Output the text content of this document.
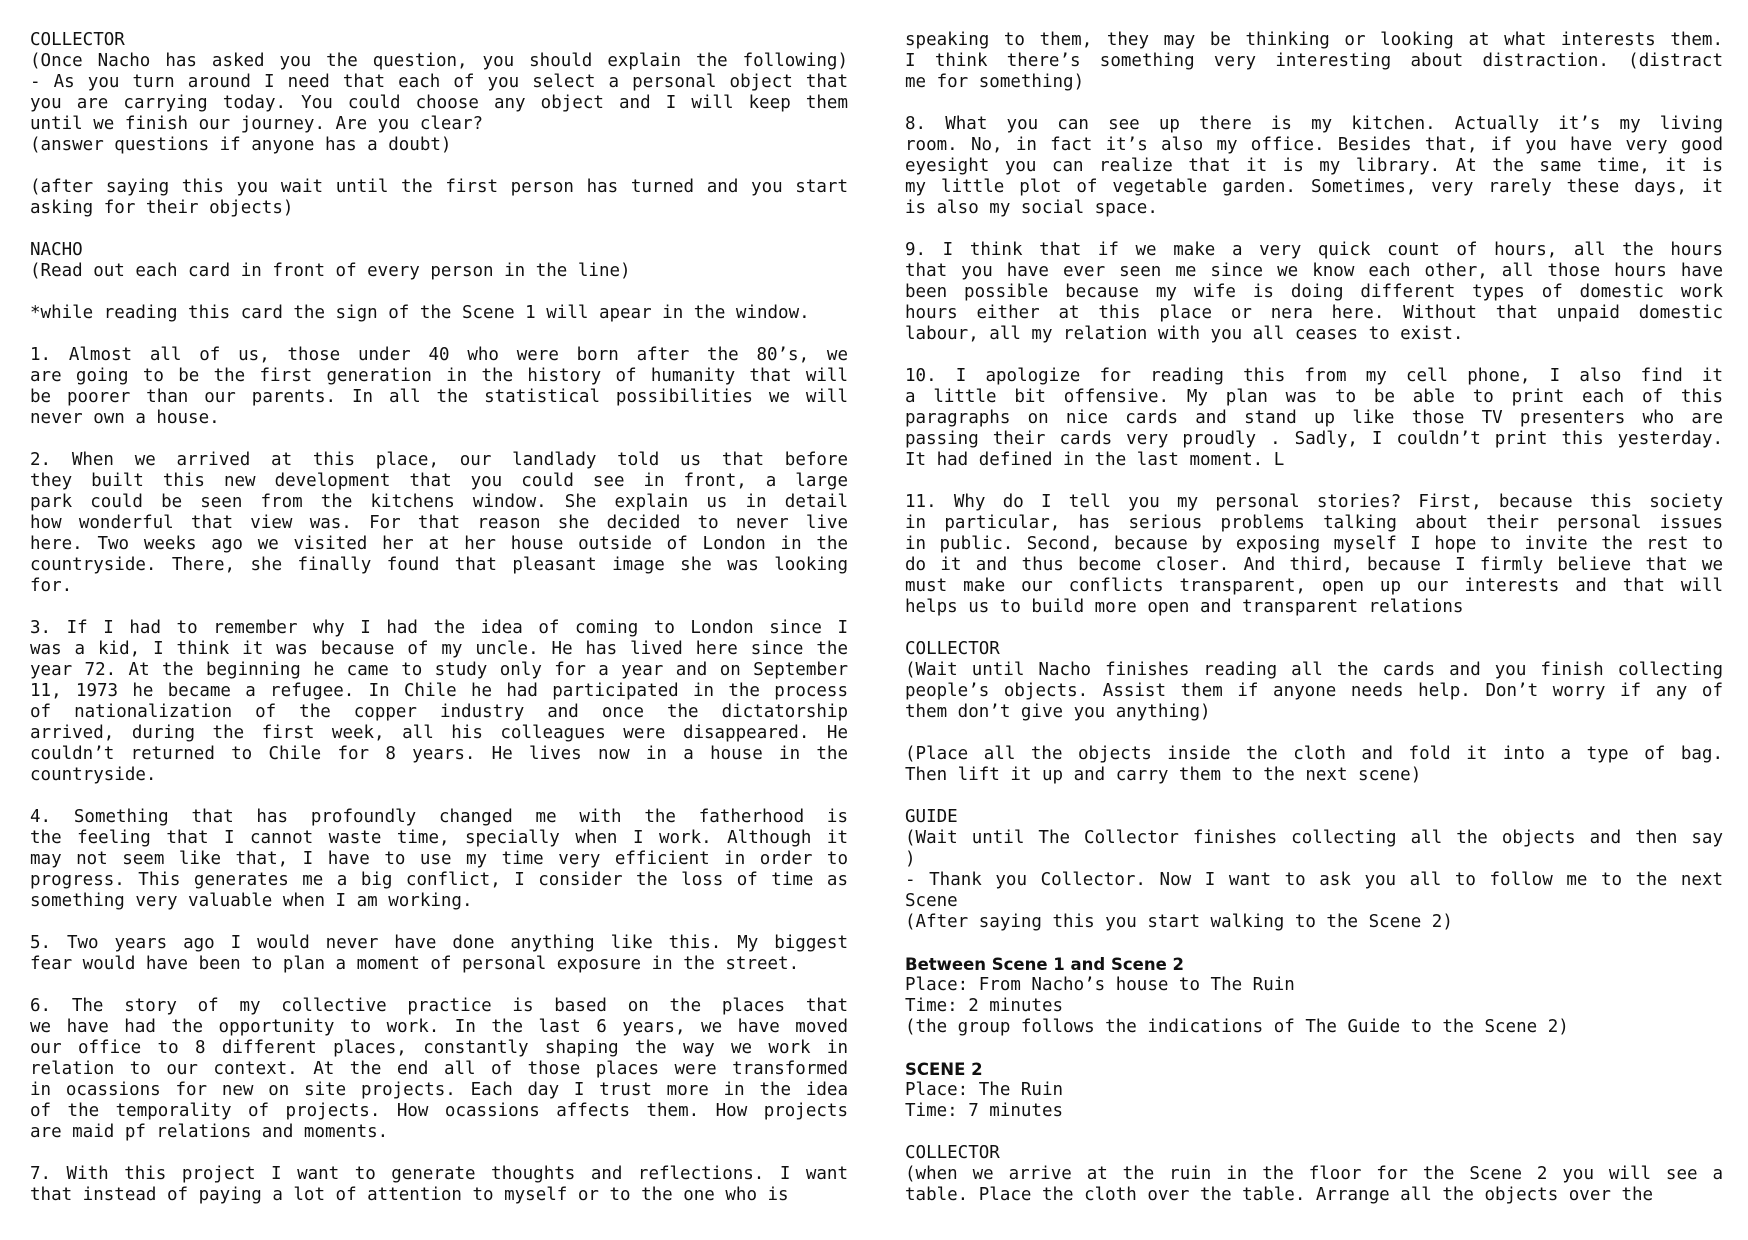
COLLECTOR
(Once Nacho has asked you the question, you should explain the following)
- As you turn around I need that each of you select a personal object that
you are carrying today. You could choose any object and I will keep them
until we finish our journey. Are you clear?
(answer questions if anyone has a doubt)
(after saying this you wait until the first person has turned and you start
asking for their objects)
NACHO
(Read out each card in front of every person in the line)
*while reading this card the sign of the Scene 1 will apear in the window.
1. Almost all of us, those under 40 who were born after the 80’s, we
are going to be the first generation in the history of humanity that will
be poorer than our parents. In all the statistical possibilities we will
never own a house.
2. When we arrived at this place, our landlady told us that before
they built this new development that you could see in front, a large
park could be seen from the kitchens window. She explain us in detail
how wonderful that view was. For that reason she decided to never live
here. Two weeks ago we visited her at her house outside of London in the
countryside. There, she finally found that pleasant image she was looking
for.
3. If I had to remember why I had the idea of coming to London since I
was a kid, I think it was because of my uncle. He has lived here since the
year 72. At the beginning he came to study only for a year and on September
11, 1973 he became a refugee. In Chile he had participated in the process
of nationalization of the copper industry and once the dictatorship
arrived, during the first week, all his colleagues were disappeared. He
couldn’t returned to Chile for 8 years. He lives now in a house in the
countryside.
4. Something that has profoundly changed me with the fatherhood is
the feeling that I cannot waste time, specially when I work. Although it
may not seem like that, I have to use my time very efficient in order to
progress. This generates me a big conflict, I consider the loss of time as
something very valuable when I am working.
5. Two years ago I would never have done anything like this. My biggest
fear would have been to plan a moment of personal exposure in the street.
6. The story of my collective practice is based on the places that
we have had the opportunity to work. In the last 6 years, we have moved
our office to 8 different places, constantly shaping the way we work in
relation to our context. At the end all of those places were transformed
in ocassions for new on site projects. Each day I trust more in the idea
of the temporality of projects. How ocassions affects them. How projects
are maid pf relations and moments.
7. With this project I want to generate thoughts and reflections. I want
that instead of paying a lot of attention to myself or to the one who is
speaking to them, they may be thinking or looking at what interests them.
I think there’s something very interesting about distraction. (distract
me for something)
8. What you can see up there is my kitchen. Actually it’s my living
room. No, in fact it’s also my office. Besides that, if you have very good
eyesight you can realize that it is my library. At the same time, it is
my little plot of vegetable garden. Sometimes, very rarely these days, it
is also my social space.
9. I think that if we make a very quick count of hours, all the hours
that you have ever seen me since we know each other, all those hours have
been possible because my wife is doing different types of domestic work
hours either at this place or nera here. Without that unpaid domestic
labour, all my relation with you all ceases to exist.
10. I apologize for reading this from my cell phone, I also find it
a little bit offensive. My plan was to be able to print each of this
paragraphs on nice cards and stand up like those TV presenters who are
passing their cards very proudly . Sadly, I couldn’t print this yesterday.
It had defined in the last moment. L
11. Why do I tell you my personal stories? First, because this society
in particular, has serious problems talking about their personal issues
in public. Second, because by exposing myself I hope to invite the rest to
do it and thus become closer. And third, because I firmly believe that we
must make our conflicts transparent, open up our interests and that will
helps us to build more open and transparent relations
COLLECTOR
(Wait until Nacho finishes reading all the cards and you finish collecting
people’s objects. Assist them if anyone needs help. Don’t worry if any of
them don’t give you anything)
(Place all the objects inside the cloth and fold it into a type of bag.
Then lift it up and carry them to the next scene)
GUIDE
(Wait until The Collector finishes collecting all the objects and then say
)
- Thank you Collector. Now I want to ask you all to follow me to the next
Scene
(After saying this you start walking to the Scene 2)
Between Scene 1 and Scene 2
Place: From Nacho’s house to The Ruin
Time: 2 minutes
(the group follows the indications of The Guide to the Scene 2)
SCENE 2
Place: The Ruin
Time: 7 minutes
COLLECTOR
(when we arrive at the ruin in the floor for the Scene 2 you will see a
table. Place the cloth over the table. Arrange all the objects over the
